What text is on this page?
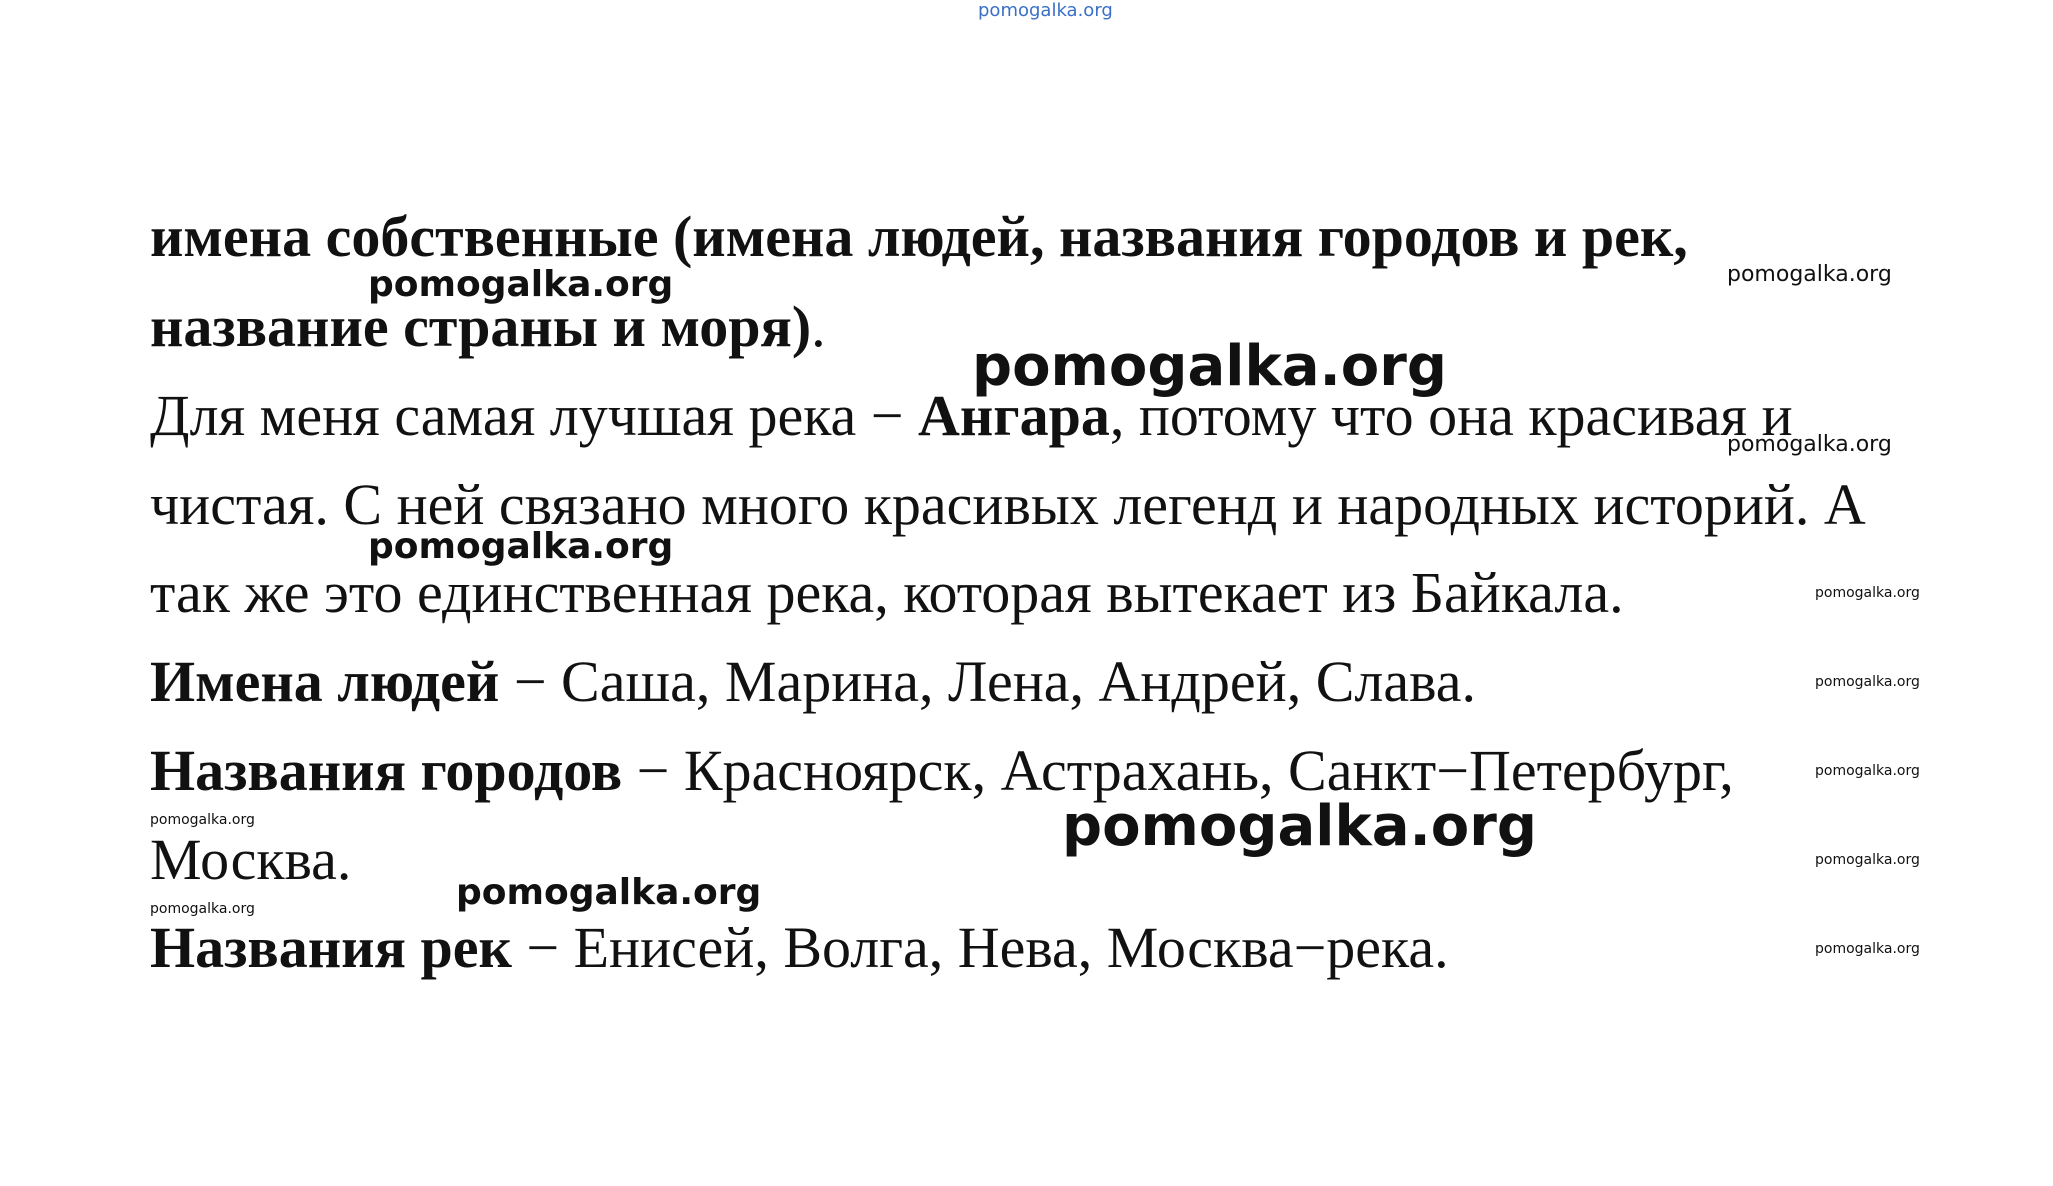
pomogalka.org
имена собственные (имена людей, названия городов и рек,
название страны и моря).
Для меня самая лучшая река − Ангара, потому что она красивая и
чистая. С ней связано много красивых легенд и народных историй. А
так же это единственная река, которая вытекает из Байкала.
Имена людей − Саша, Марина, Лена, Андрей, Слава.
Названия городов − Красноярск, Астрахань, Санкт−Петербург,
Москва.
Названия рек − Енисей, Волга, Нева, Москва−река.
pomogalka.org	pomogalka.org
pomogalka.org
pomogalka.org
pomogalka.org
pomogalka.org
pomogalka.org
pomogalka.org
pomogalka.org	pomogalka.org
pomogalka.org
pomogalka.org
pomogalka.org
pomogalka.org
